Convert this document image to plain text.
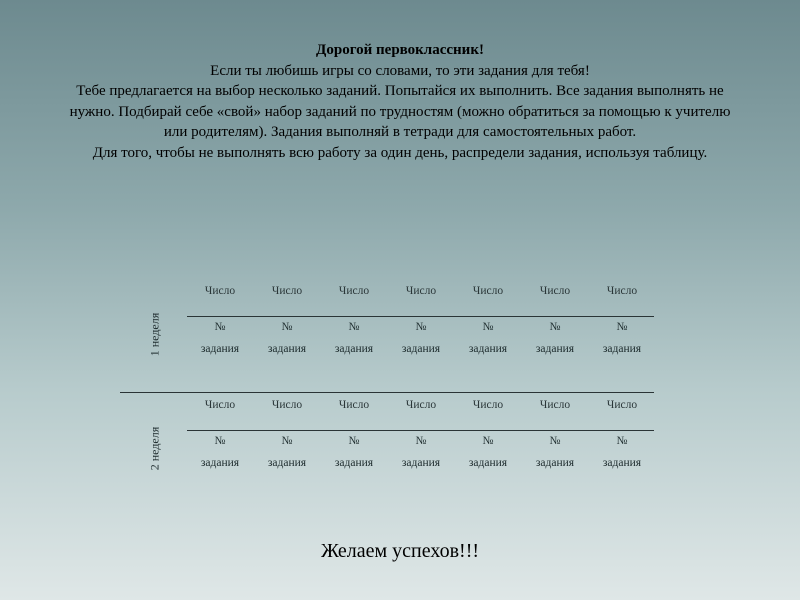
Дорогой первоклассник!

Если ты любишь игры со словами, то эти задания для тебя!

Тебе предлагается на выбор несколько заданий. Попытайся их выполнить. Все задания выполнять не нужно. Подбирай себе «свой» набор заданий по трудностям (можно обратиться за помощью к учителю или родителям). Задания выполняй в тетради для самостоятельных работ.

Для того, чтобы не выполнять всю работу за один день, распредели задания, используя таблицу.

1 неделя
Число
№
задания
Число
№
задания
Число
№
задания
Число
№
задания
Число
№
задания
Число
№
задания
Число
№
задания
2 неделя
Число
№
задания
Число
№
задания
Число
№
задания
Число
№
задания
Число
№
задания
Число
№
задания
Число
№
задания
Желаем успехов!!!
